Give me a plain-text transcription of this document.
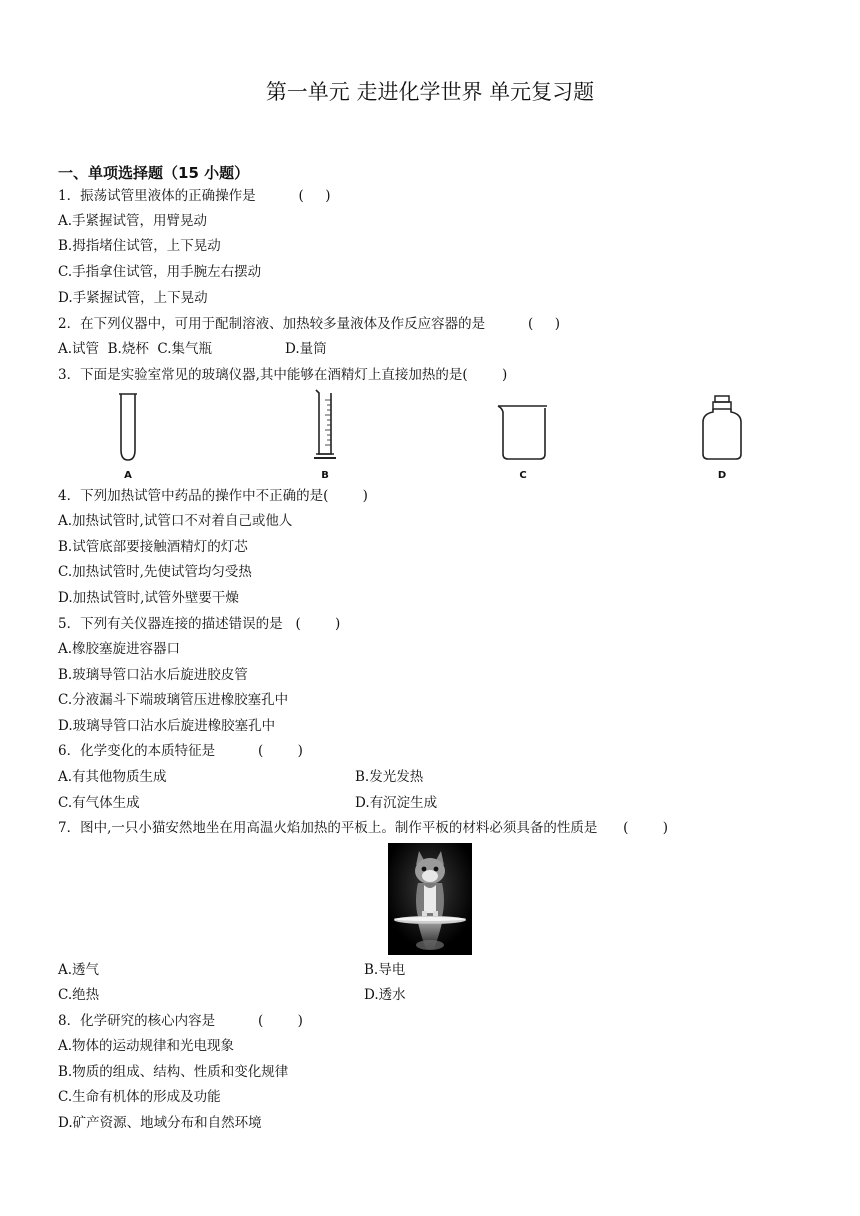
第一单元 走进化学世界 单元复习题
一、单项选择题（15 小题）
1．振荡试管里液体的正确操作是          (     )
A.手紧握试管，用臂晃动
B.拇指堵住试管，上下晃动
C.手指拿住试管，用手腕左右摆动
D.手紧握试管，上下晃动
2．在下列仪器中，可用于配制溶液、加热较多量液体及作反应容器的是          (     )
A.试管  B.烧杯  C.集气瓶                 D.量筒
3．下面是实验室常见的玻璃仪器,其中能够在酒精灯上直接加热的是(        )
A	B	C	D
4．下列加热试管中药品的操作中不正确的是(        )
A.加热试管时,试管口不对着自己或他人
B.试管底部要接触酒精灯的灯芯
C.加热试管时,先使试管均匀受热
D.加热试管时,试管外壁要干燥
5．下列有关仪器连接的描述错误的是   (        )
A.橡胶塞旋进容器口
B.玻璃导管口沾水后旋进胶皮管
C.分液漏斗下端玻璃管压进橡胶塞孔中
D.玻璃导管口沾水后旋进橡胶塞孔中
6．化学变化的本质特征是          (        )
A.有其他物质生成	B.发光发热
C.有气体生成	D.有沉淀生成
7．图中,一只小猫安然地坐在用高温火焰加热的平板上。制作平板的材料必须具备的性质是      (        )
A.透气	B.导电
C.绝热	D.透水
8．化学研究的核心内容是          (        )
A.物体的运动规律和光电现象
B.物质的组成、结构、性质和变化规律
C.生命有机体的形成及功能
D.矿产资源、地域分布和自然环境
